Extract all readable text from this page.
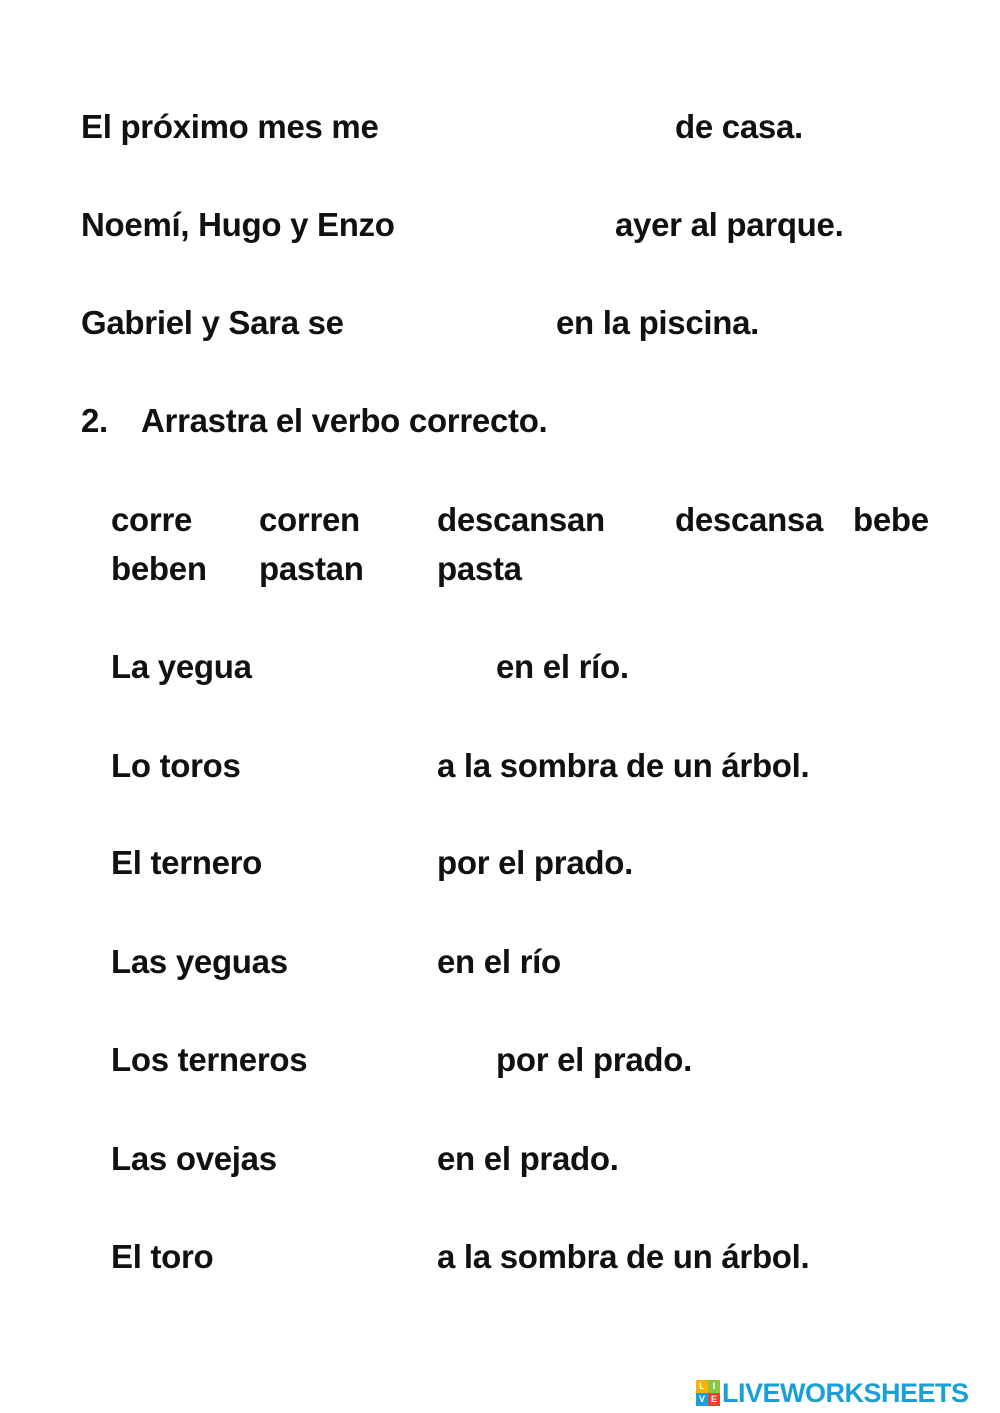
El próximo mes me	de casa.
Noemí, Hugo y Enzo	ayer al parque.
Gabriel y Sara se	en la piscina.
2. Arrastra el verbo correcto.
corre corren descansan descansa bebe
beben pastan pasta
La yegua	en el río.
Lo toros	a la sombra de un árbol.
El ternero	por el prado.
Las yeguas	en el río
Los terneros	por el prado.
Las ovejas	en el prado.
El toro	a la sombra de un árbol.
L I
V E LIVEWORKSHEETS
